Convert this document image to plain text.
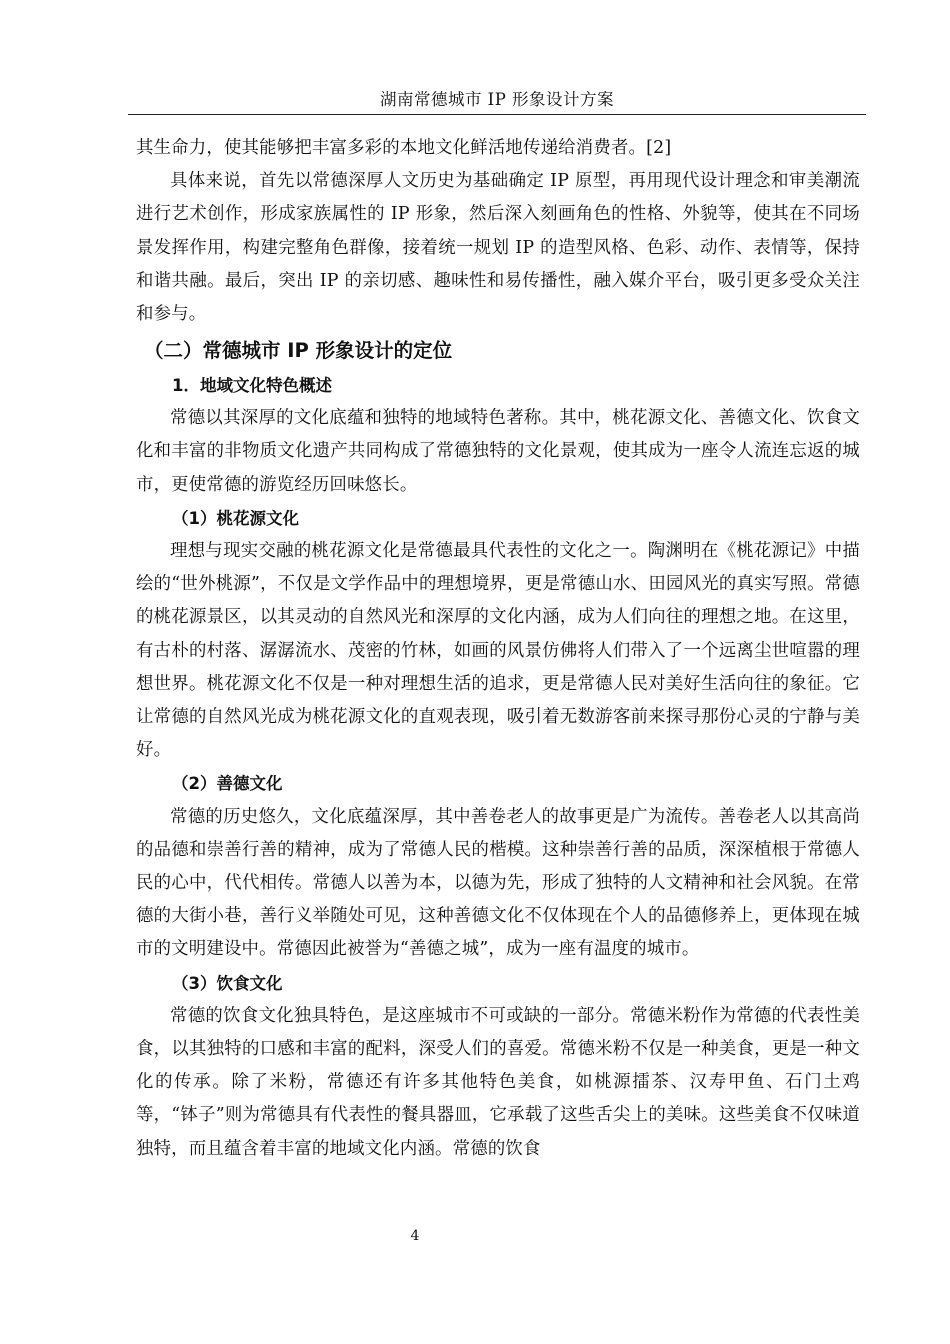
湖南常德城市 IP 形象设计方案

其生命力，使其能够把丰富多彩的本地文化鲜活地传递给消费者。[2]

具体来说，首先以常德深厚人文历史为基础确定 IP 原型，再用现代设计理念和审美潮流进行艺术创作，形成家族属性的 IP 形象，然后深入刻画角色的性格、外貌等，使其在不同场景发挥作用，构建完整角色群像，接着统一规划 IP 的造型风格、色彩、动作、表情等，保持和谐共融。最后，突出 IP 的亲切感、趣味性和易传播性，融入媒介平台，吸引更多受众关注和参与。

（二）常德城市 IP 形象设计的定位
1．地域文化特色概述

常德以其深厚的文化底蕴和独特的地域特色著称。其中，桃花源文化、善德文化、饮食文化和丰富的非物质文化遗产共同构成了常德独特的文化景观，使其成为一座令人流连忘返的城市，更使常德的游览经历回味悠长。

（1）桃花源文化

理想与现实交融的桃花源文化是常德最具代表性的文化之一。陶渊明在《桃花源记》中描绘的“世外桃源”，不仅是文学作品中的理想境界，更是常德山水、田园风光的真实写照。常德的桃花源景区，以其灵动的自然风光和深厚的文化内涵，成为人们向往的理想之地。在这里，有古朴的村落、潺潺流水、茂密的竹林，如画的风景仿佛将人们带入了一个远离尘世喧嚣的理想世界。桃花源文化不仅是一种对理想生活的追求，更是常德人民对美好生活向往的象征。它让常德的自然风光成为桃花源文化的直观表现，吸引着无数游客前来探寻那份心灵的宁静与美好。

（2）善德文化

常德的历史悠久，文化底蕴深厚，其中善卷老人的故事更是广为流传。善卷老人以其高尚的品德和崇善行善的精神，成为了常德人民的楷模。这种崇善行善的品质，深深植根于常德人民的心中，代代相传。常德人以善为本，以德为先，形成了独特的人文精神和社会风貌。在常德的大街小巷，善行义举随处可见，这种善德文化不仅体现在个人的品德修养上，更体现在城市的文明建设中。常德因此被誉为“善德之城”，成为一座有温度的城市。

（3）饮食文化

常德的饮食文化独具特色，是这座城市不可或缺的一部分。常德米粉作为常德的代表性美食，以其独特的口感和丰富的配料，深受人们的喜爱。常德米粉不仅是一种美食，更是一种文化的传承。除了米粉，常德还有许多其他特色美食，如桃源擂茶、汉寿甲鱼、石门土鸡等，“钵子”则为常德具有代表性的餐具器皿，它承载了这些舌尖上的美味。这些美食不仅味道独特，而且蕴含着丰富的地域文化内涵。常德的饮食

4
